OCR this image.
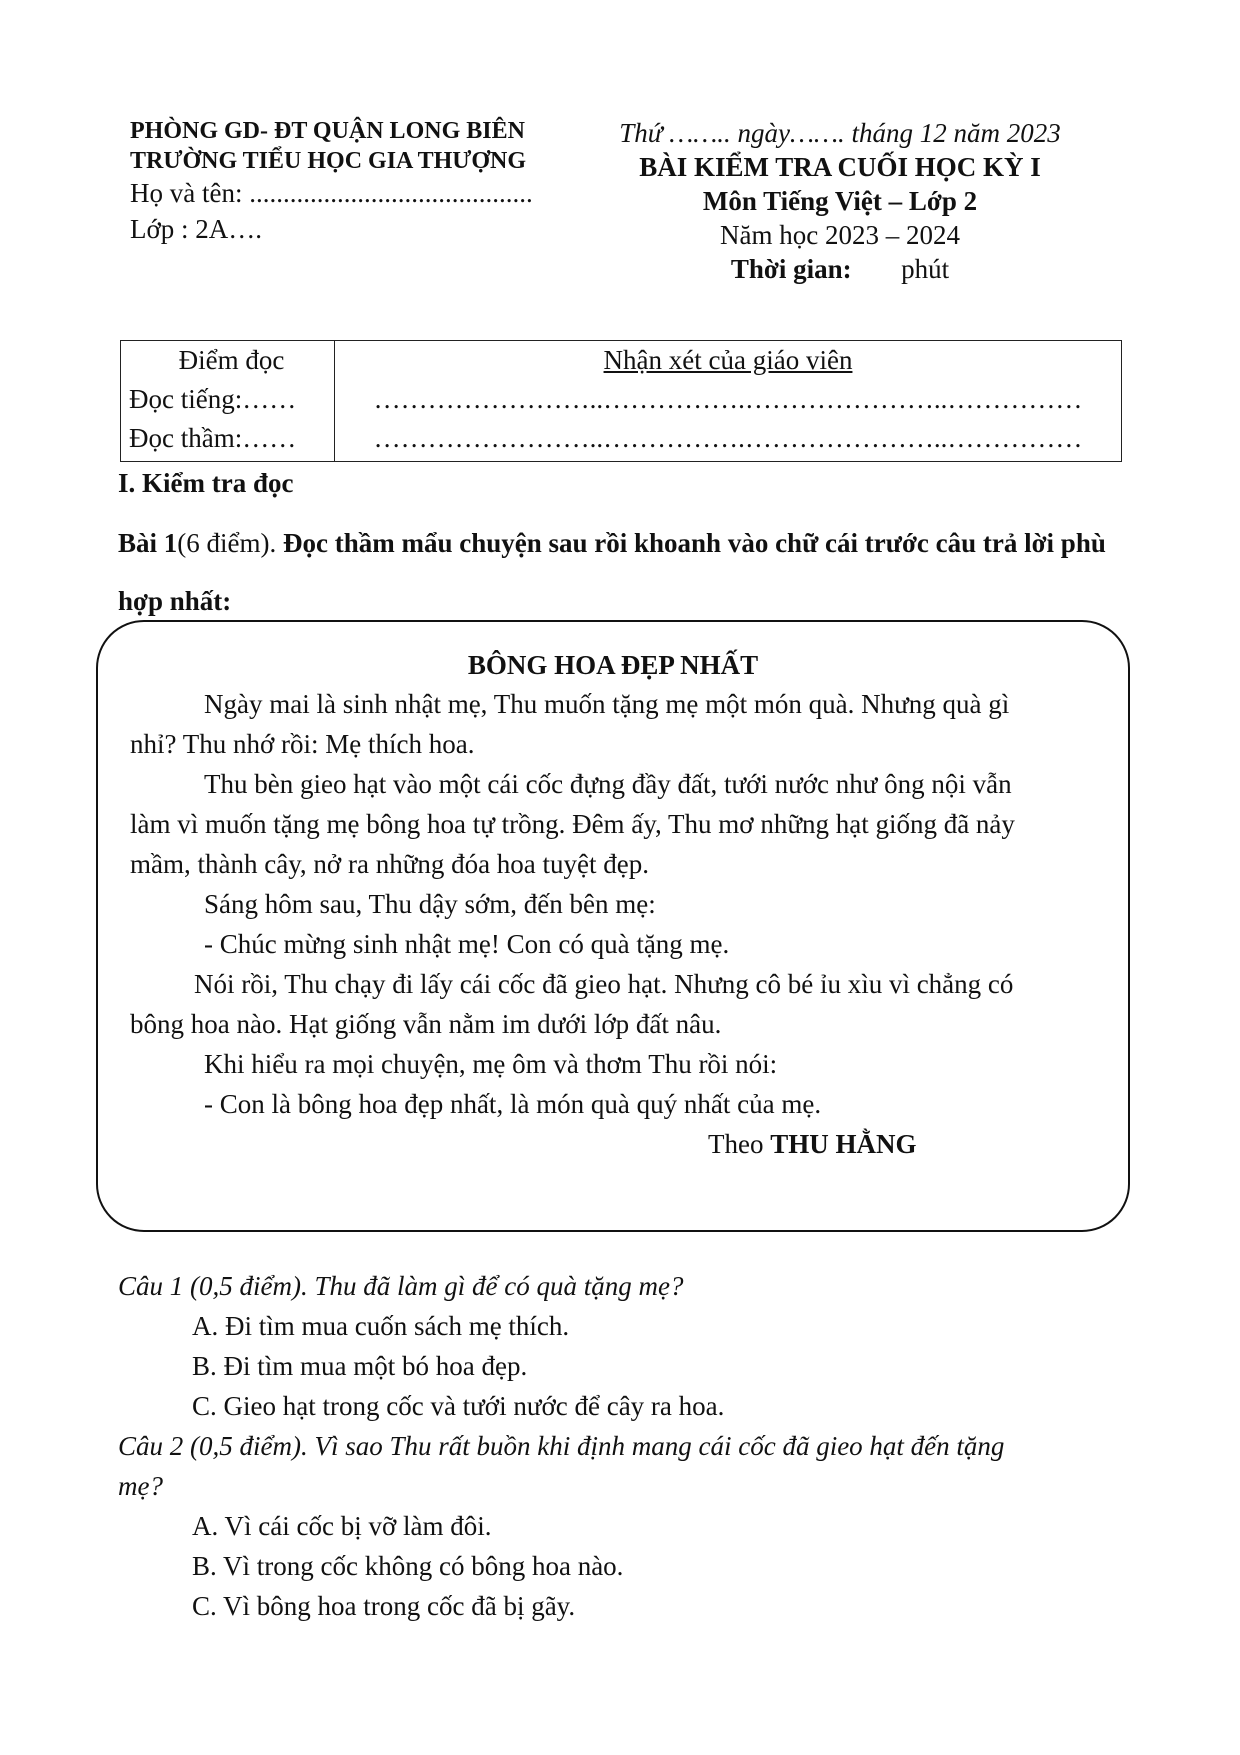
PHÒNG GD- ĐT QUẬN LONG BIÊN
TRƯỜNG TIỂU HỌC GIA THƯỢNG
Họ và tên: ..........................................
Lớp : 2A….
Thứ …….. ngày……. tháng 12 năm 2023
BÀI KIỂM TRA CUỐI HỌC KỲ I
Môn Tiếng Việt – Lớp 2
Năm học 2023 – 2024
Thời gian: phút
Điểm đọc
Đọc tiếng:……
Đọc thầm:……
Nhận xét của giáo viên
……………………..…………….…………………..……………
……………………..…………….…………………..……………
I. Kiểm tra đọc
Bài 1(6 điểm). Đọc thầm mẩu chuyện sau rồi khoanh vào chữ cái trước câu trả lời phù hợp nhất:
BÔNG HOA ĐẸP NHẤT
Ngày mai là sinh nhật mẹ, Thu muốn tặng mẹ một món quà. Nhưng quà gì
nhỉ? Thu nhớ rồi: Mẹ thích hoa.
Thu bèn gieo hạt vào một cái cốc đựng đầy đất, tưới nước như ông nội vẫn
làm vì muốn tặng mẹ bông hoa tự trồng. Đêm ấy, Thu mơ những hạt giống đã nảy
mầm, thành cây, nở ra những đóa hoa tuyệt đẹp.
Sáng hôm sau, Thu dậy sớm, đến bên mẹ:
- Chúc mừng sinh nhật mẹ! Con có quà tặng mẹ.
Nói rồi, Thu chạy đi lấy cái cốc đã gieo hạt. Nhưng cô bé ỉu xìu vì chẳng có
bông hoa nào. Hạt giống vẫn nằm im dưới lớp đất nâu.
Khi hiểu ra mọi chuyện, mẹ ôm và thơm Thu rồi nói:
- Con là bông hoa đẹp nhất, là món quà quý nhất của mẹ.
Theo THU HẰNG
Câu 1 (0,5 điểm). Thu đã làm gì để có quà tặng mẹ?
A. Đi tìm mua cuốn sách mẹ thích.
B. Đi tìm mua một bó hoa đẹp.
C. Gieo hạt trong cốc và tưới nước để cây ra hoa.
Câu 2 (0,5 điểm). Vì sao Thu rất buồn khi định mang cái cốc đã gieo hạt đến tặng
mẹ?
A. Vì cái cốc bị vỡ làm đôi.
B. Vì trong cốc không có bông hoa nào.
C. Vì bông hoa trong cốc đã bị gãy.
